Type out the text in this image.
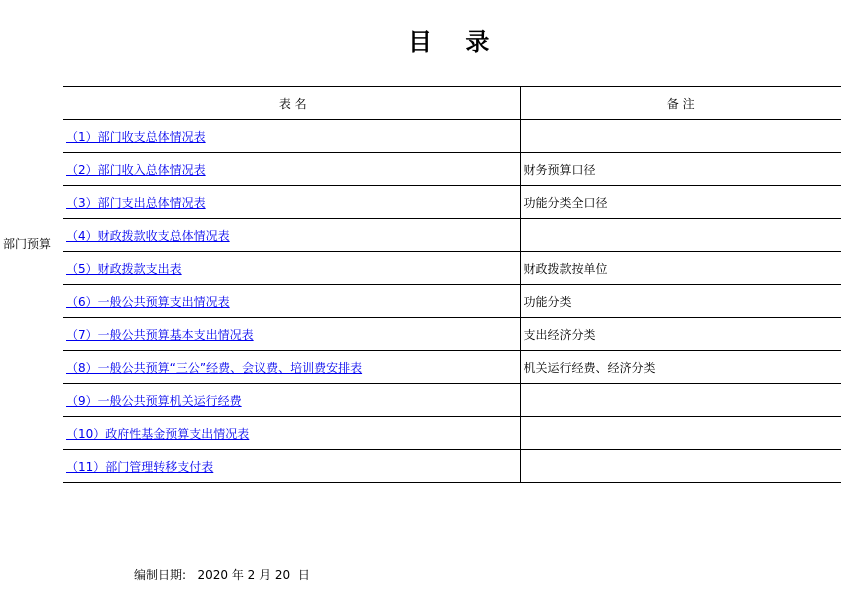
目    录
部门预算
表 名	备 注
（1）部门收支总体情况表	
（2）部门收入总体情况表	财务预算口径
（3）部门支出总体情况表	功能分类全口径
（4）财政拨款收支总体情况表	
（5）财政拨款支出表	财政拨款按单位
（6）一般公共预算支出情况表	功能分类
（7）一般公共预算基本支出情况表	支出经济分类
（8）一般公共预算“三公”经费、会议费、培训费安排表	机关运行经费、经济分类
（9）一般公共预算机关运行经费	
（10）政府性基金预算支出情况表	
（11）部门管理转移支付表	
编制日期:   2020 年 2 月 20  日
